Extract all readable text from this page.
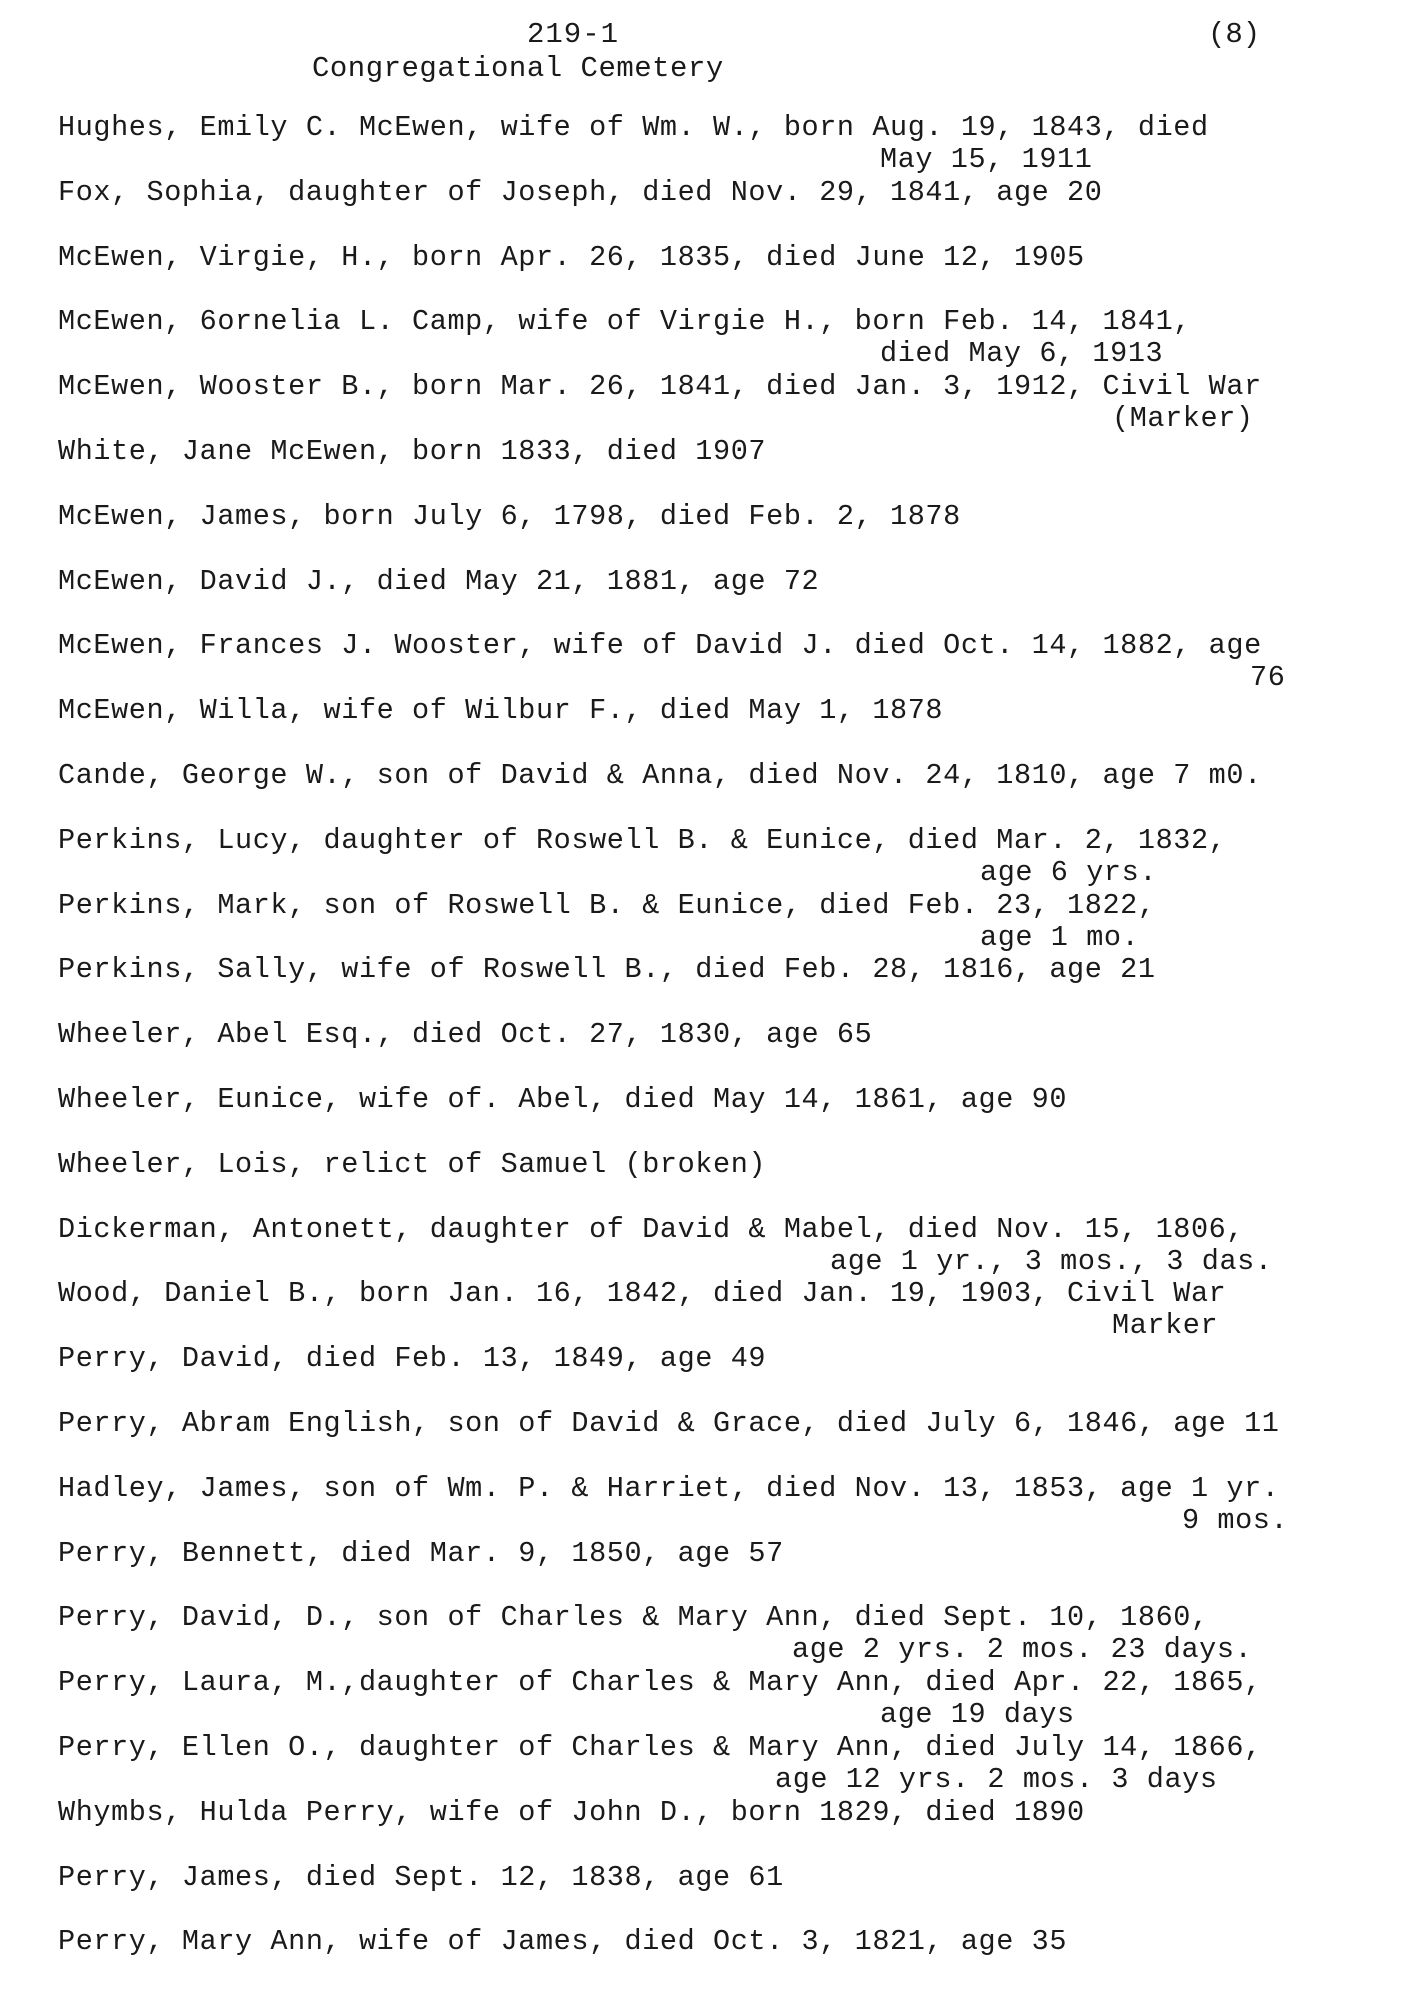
219-1	(8)
Congregational Cemetery
Hughes, Emily C. McEwen, wife of Wm. W., born Aug. 19, 1843, died
May 15, 1911
Fox, Sophia, daughter of Joseph, died Nov. 29, 1841, age 20
McEwen, Virgie, H., born Apr. 26, 1835, died June 12, 1905
McEwen, 6ornelia L. Camp, wife of Virgie H., born Feb. 14, 1841,
died May 6, 1913
McEwen, Wooster B., born Mar. 26, 1841, died Jan. 3, 1912, Civil War
(Marker)
White, Jane McEwen, born 1833, died 1907
McEwen, James, born July 6, 1798, died Feb. 2, 1878
McEwen, David J., died May 21, 1881, age 72
McEwen, Frances J. Wooster, wife of David J. died Oct. 14, 1882, age
76
McEwen, Willa, wife of Wilbur F., died May 1, 1878
Cande, George W., son of David & Anna, died Nov. 24, 1810, age 7 m0.
Perkins, Lucy, daughter of Roswell B. & Eunice, died Mar. 2, 1832,
age 6 yrs.
Perkins, Mark, son of Roswell B. & Eunice, died Feb. 23, 1822,
age 1 mo.
Perkins, Sally, wife of Roswell B., died Feb. 28, 1816, age 21
Wheeler, Abel Esq., died Oct. 27, 1830, age 65
Wheeler, Eunice, wife of. Abel, died May 14, 1861, age 90
Wheeler, Lois, relict of Samuel (broken)
Dickerman, Antonett, daughter of David & Mabel, died Nov. 15, 1806,
age 1 yr., 3 mos., 3 das.
Wood, Daniel B., born Jan. 16, 1842, died Jan. 19, 1903, Civil War
Marker
Perry, David, died Feb. 13, 1849, age 49
Perry, Abram English, son of David & Grace, died July 6, 1846, age 11
Hadley, James, son of Wm. P. & Harriet, died Nov. 13, 1853, age 1 yr.
9 mos.
Perry, Bennett, died Mar. 9, 1850, age 57
Perry, David, D., son of Charles & Mary Ann, died Sept. 10, 1860,
age 2 yrs. 2 mos. 23 days.
Perry, Laura, M.,daughter of Charles & Mary Ann, died Apr. 22, 1865,
age 19 days
Perry, Ellen O., daughter of Charles & Mary Ann, died July 14, 1866,
age 12 yrs. 2 mos. 3 days
Whymbs, Hulda Perry, wife of John D., born 1829, died 1890
Perry, James, died Sept. 12, 1838, age 61
Perry, Mary Ann, wife of James, died Oct. 3, 1821, age 35
